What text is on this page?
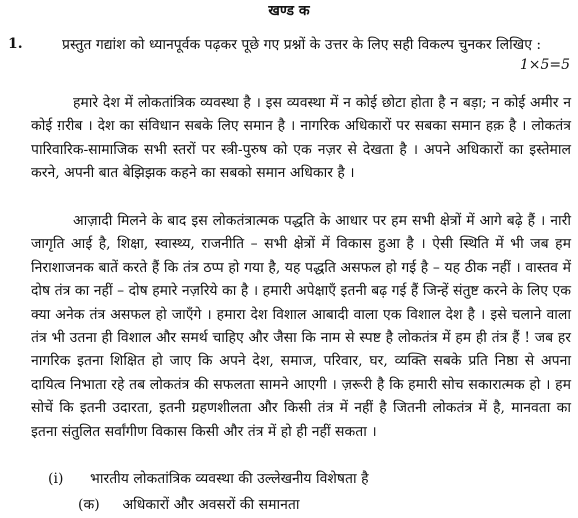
खण्ड क
1.	प्रस्तुत गद्यांश को ध्यानपूर्वक पढ़कर पूछे गए प्रश्नों के उत्तर के लिए सही विकल्प चुनकर लिखिए :
1×5=5

हमारे देश में लोकतांत्रिक व्यवस्था है । इस व्यवस्था में न कोई छोटा होता है न बड़ा; न कोई अमीर न कोई ग़रीब । देश का संविधान सबके लिए समान है । नागरिक अधिकारों पर सबका समान हक़ है । लोकतंत्र पारिवारिक-सामाजिक सभी स्तरों पर स्त्री-पुरुष को एक नज़र से देखता है । अपने अधिकारों का इस्तेमाल करने, अपनी बात बेझिझक कहने का सबको समान अधिकार है ।

आज़ादी मिलने के बाद इस लोकतंत्रात्मक पद्धति के आधार पर हम सभी क्षेत्रों में आगे बढ़े हैं । नारी जागृति आई है, शिक्षा, स्वास्थ्य, राजनीति – सभी क्षेत्रों में विकास हुआ है । ऐसी स्थिति में भी जब हम निराशाजनक बातें करते हैं कि तंत्र ठप्प हो गया है, यह पद्धति असफल हो गई है – यह ठीक नहीं । वास्तव में दोष तंत्र का नहीं – दोष हमारे नज़रिये का है । हमारी अपेक्षाएँ इतनी बढ़ गई हैं जिन्हें संतुष्ट करने के लिए एक क्या अनेक तंत्र असफल हो जाएँगे । हमारा देश विशाल आबादी वाला एक विशाल देश है । इसे चलाने वाला तंत्र भी उतना ही विशाल और समर्थ चाहिए और जैसा कि नाम से स्पष्ट है लोकतंत्र में हम ही तंत्र हैं ! जब हर नागरिक इतना शिक्षित हो जाए कि अपने देश, समाज, परिवार, घर, व्यक्ति सबके प्रति निष्ठा से अपना दायित्व निभाता रहे तब लोकतंत्र की सफलता सामने आएगी । ज़रूरी है कि हमारी सोच सकारात्मक हो । हम सोचें कि इतनी उदारता, इतनी ग्रहणशीलता और किसी तंत्र में नहीं है जितनी लोकतंत्र में है, मानवता का इतना संतुलित सर्वांगीण विकास किसी और तंत्र में हो ही नहीं सकता ।

(i) भारतीय लोकतांत्रिक व्यवस्था की उल्लेखनीय विशेषता है
(क) अधिकारों और अवसरों की समानता
